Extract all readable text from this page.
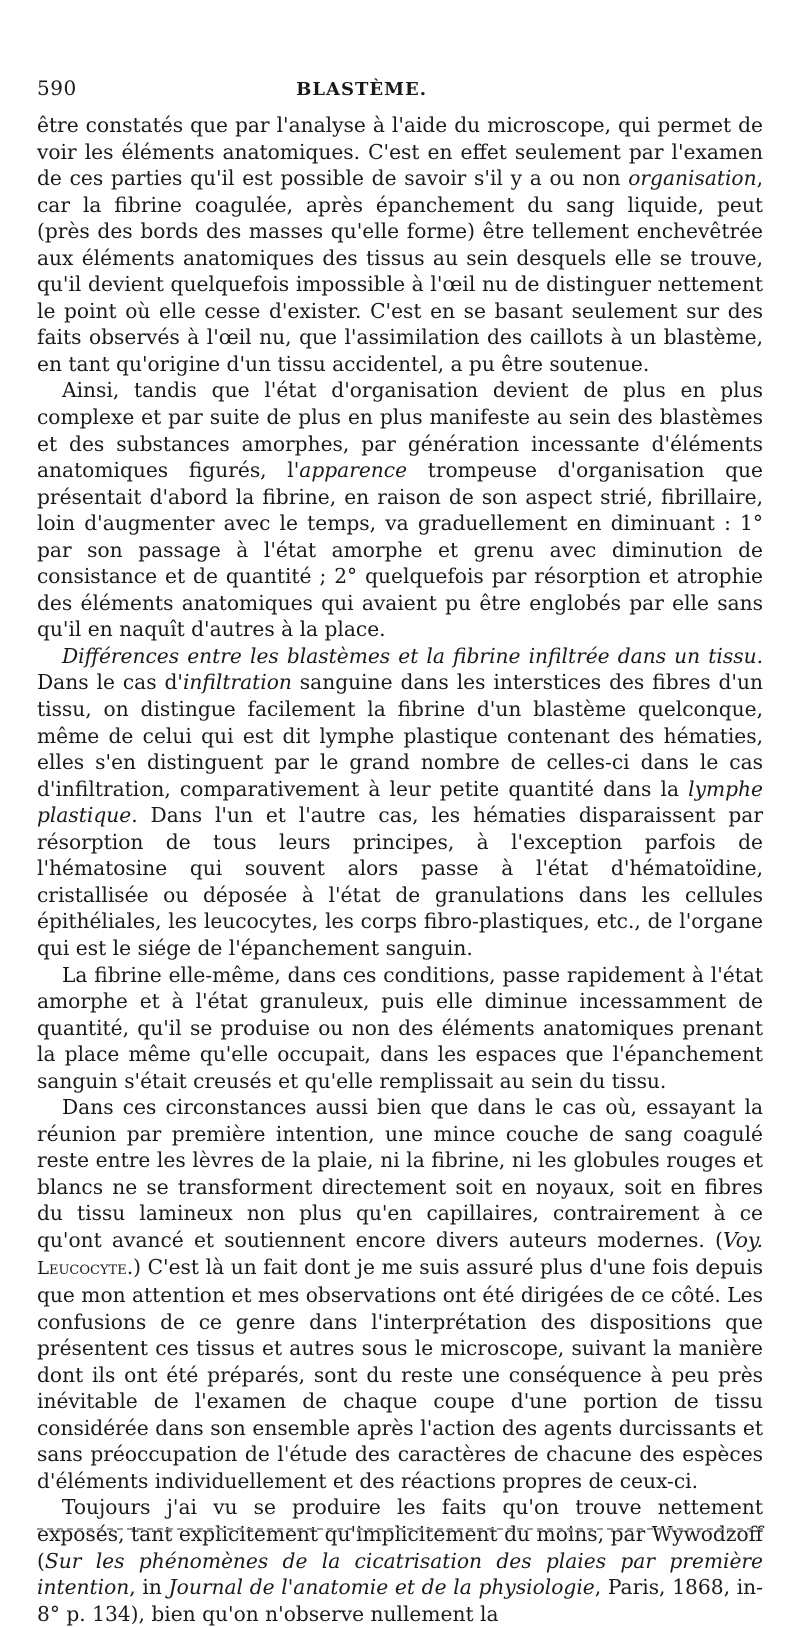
590	BLASTÈME.

être constatés que par l'analyse à l'aide du microscope, qui permet de voir les éléments anatomiques. C'est en effet seulement par l'examen de ces parties qu'il est possible de savoir s'il y a ou non organisation, car la fibrine coagulée, après épanchement du sang liquide, peut (près des bords des masses qu'elle forme) être tellement enchevêtrée aux éléments anatomiques des tissus au sein desquels elle se trouve, qu'il devient quelquefois impossible à l'œil nu de distinguer nettement le point où elle cesse d'exister. C'est en se basant seulement sur des faits observés à l'œil nu, que l'assimilation des caillots à un blastème, en tant qu'origine d'un tissu accidentel, a pu être soutenue.

Ainsi, tandis que l'état d'organisation devient de plus en plus complexe et par suite de plus en plus manifeste au sein des blastèmes et des substances amorphes, par génération incessante d'éléments anatomiques figurés, l'apparence trompeuse d'organisation que présentait d'abord la fibrine, en raison de son aspect strié, fibrillaire, loin d'augmenter avec le temps, va graduellement en diminuant : 1° par son passage à l'état amorphe et grenu avec diminution de consistance et de quantité ; 2° quelquefois par résorption et atrophie des éléments anatomiques qui avaient pu être englobés par elle sans qu'il en naquît d'autres à la place.

Différences entre les blastèmes et la fibrine infiltrée dans un tissu. Dans le cas d'infiltration sanguine dans les interstices des fibres d'un tissu, on distingue facilement la fibrine d'un blastème quelconque, même de celui qui est dit lymphe plastique contenant des hématies, elles s'en distinguent par le grand nombre de celles-ci dans le cas d'infiltration, comparativement à leur petite quantité dans la lymphe plastique. Dans l'un et l'autre cas, les hématies disparaissent par résorption de tous leurs principes, à l'exception parfois de l'hématosine qui souvent alors passe à l'état d'hématoïdine, cristallisée ou déposée à l'état de granulations dans les cellules épithéliales, les leucocytes, les corps fibro-plastiques, etc., de l'organe qui est le siége de l'épanchement sanguin.

La fibrine elle-même, dans ces conditions, passe rapidement à l'état amorphe et à l'état granuleux, puis elle diminue incessamment de quantité, qu'il se produise ou non des éléments anatomiques prenant la place même qu'elle occupait, dans les espaces que l'épanchement sanguin s'était creusés et qu'elle remplissait au sein du tissu.

Dans ces circonstances aussi bien que dans le cas où, essayant la réunion par première intention, une mince couche de sang coagulé reste entre les lèvres de la plaie, ni la fibrine, ni les globules rouges et blancs ne se transforment directement soit en noyaux, soit en fibres du tissu lamineux non plus qu'en capillaires, contrairement à ce qu'ont avancé et soutiennent encore divers auteurs modernes. (Voy. Leucocyte.) C'est là un fait dont je me suis assuré plus d'une fois depuis que mon attention et mes observations ont été dirigées de ce côté. Les confusions de ce genre dans l'interprétation des dispositions que présentent ces tissus et autres sous le microscope, suivant la manière dont ils ont été préparés, sont du reste une conséquence à peu près inévitable de l'examen de chaque coupe d'une portion de tissu considérée dans son ensemble après l'action des agents durcissants et sans préoccupation de l'étude des caractères de chacune des espèces d'éléments individuellement et des réactions propres de ceux-ci.

Toujours j'ai vu se produire les faits qu'on trouve nettement exposés, tant explicitement qu'implicitement du moins, par Wywodzoff (Sur les phénomènes de la cicatrisation des plaies par première intention, in Journal de l'anatomie et de la physiologie, Paris, 1868, in-8° p. 134), bien qu'on n'observe nullement la
